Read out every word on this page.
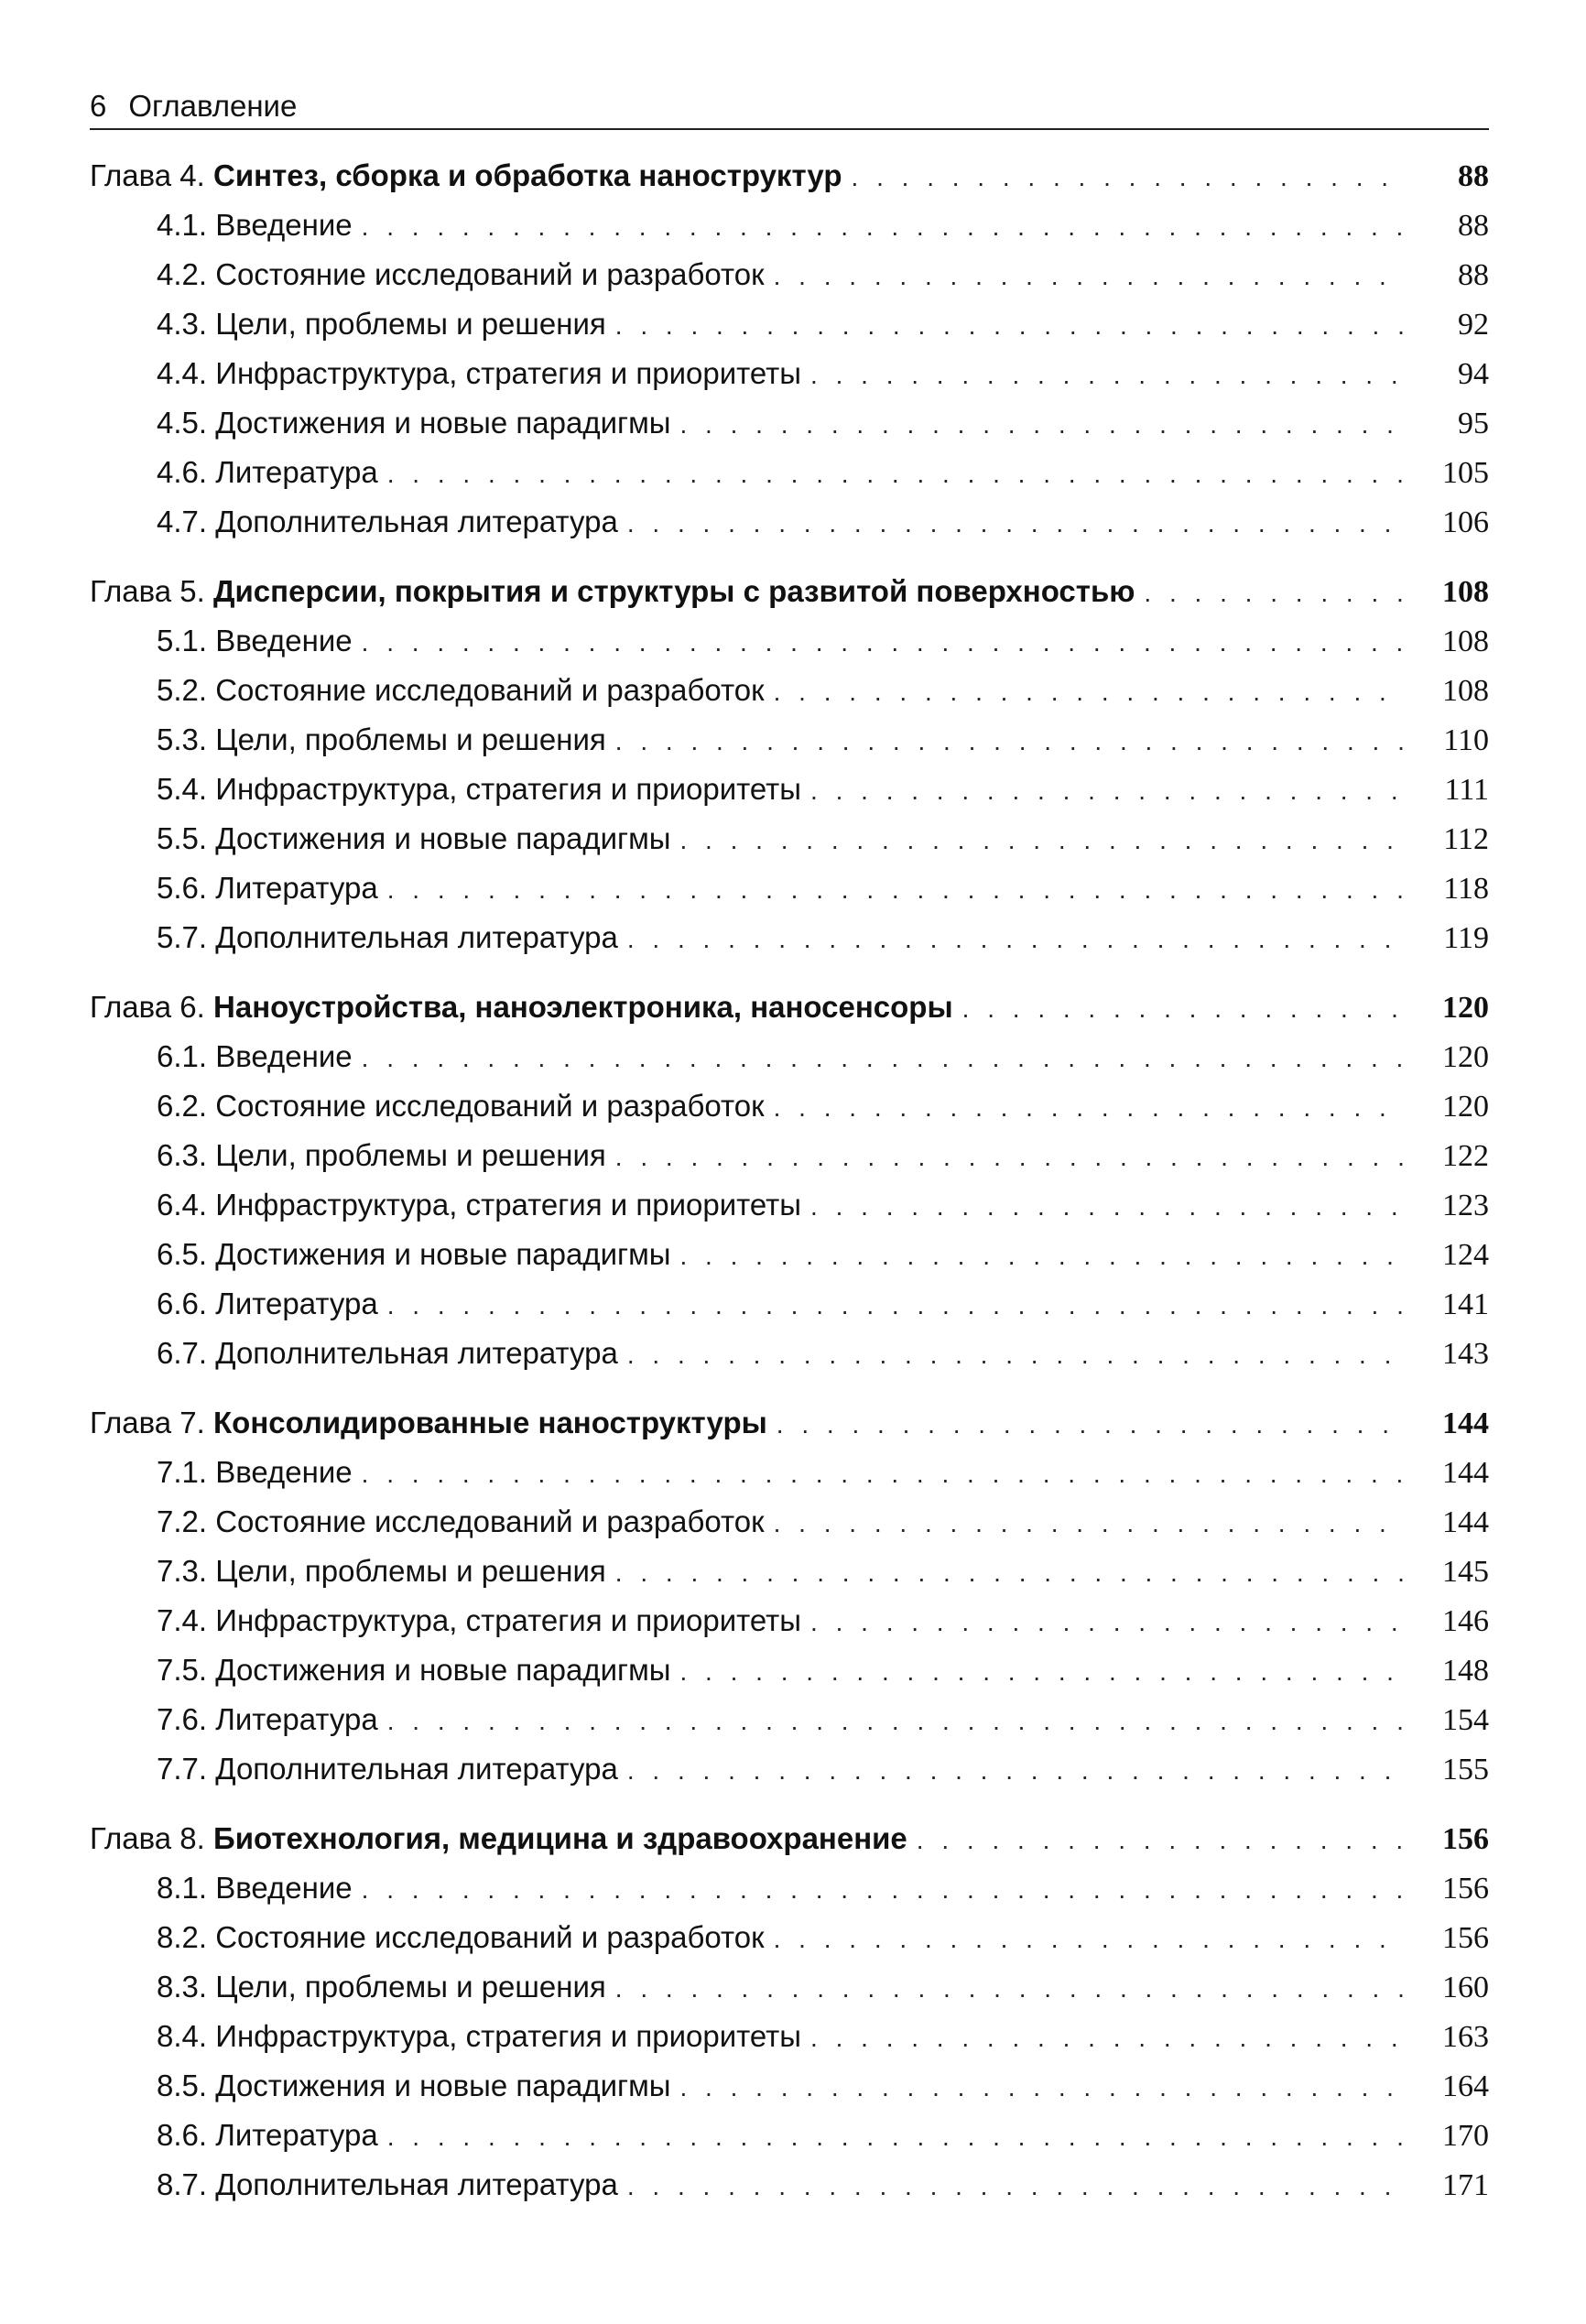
6 Оглавление
Глава 4. Синтез, сборка и обработка наноструктур . . .	88
4.1. Введение . . .	88
4.2. Состояние исследований и разработок . . .	88
4.3. Цели, проблемы и решения . . .	92
4.4. Инфраструктура, стратегия и приоритеты . . .	94
4.5. Достижения и новые парадигмы . . .	95
4.6. Литература . . .	105
4.7. Дополнительная литература . . .	106
Глава 5. Дисперсии, покрытия и структуры с развитой поверхностью . . .	108
5.1. Введение . . .	108
5.2. Состояние исследований и разработок . . .	108
5.3. Цели, проблемы и решения . . .	110
5.4. Инфраструктура, стратегия и приоритеты . . .	111
5.5. Достижения и новые парадигмы . . .	112
5.6. Литература . . .	118
5.7. Дополнительная литература . . .	119
Глава 6. Наноустройства, наноэлектроника, наносенсоры . . .	120
6.1. Введение . . .	120
6.2. Состояние исследований и разработок . . .	120
6.3. Цели, проблемы и решения . . .	122
6.4. Инфраструктура, стратегия и приоритеты . . .	123
6.5. Достижения и новые парадигмы . . .	124
6.6. Литература . . .	141
6.7. Дополнительная литература . . .	143
Глава 7. Консолидированные наноструктуры . . .	144
7.1. Введение . . .	144
7.2. Состояние исследований и разработок . . .	144
7.3. Цели, проблемы и решения . . .	145
7.4. Инфраструктура, стратегия и приоритеты . . .	146
7.5. Достижения и новые парадигмы . . .	148
7.6. Литература . . .	154
7.7. Дополнительная литература . . .	155
Глава 8. Биотехнология, медицина и здравоохранение . . .	156
8.1. Введение . . .	156
8.2. Состояние исследований и разработок . . .	156
8.3. Цели, проблемы и решения . . .	160
8.4. Инфраструктура, стратегия и приоритеты . . .	163
8.5. Достижения и новые парадигмы . . .	164
8.6. Литература . . .	170
8.7. Дополнительная литература . . .	171
